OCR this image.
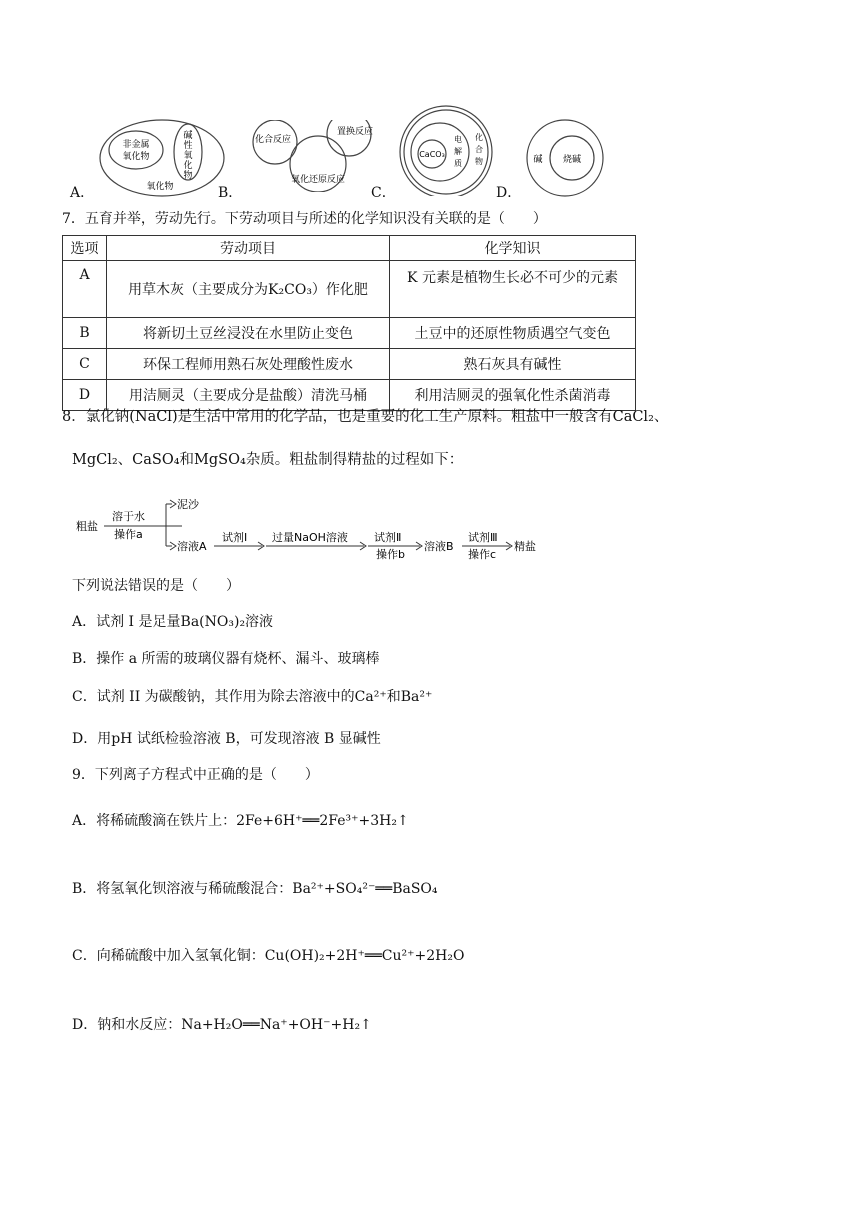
非金属
氧化物
碱
性
氧
化
物
氧化物
A．
化合反应
置换反应
氧化还原反应
B．
CaCO₃
电
解
质
化
合
物
C．
碱 烧碱
D．
7．五育并举，劳动先行。下劳动项目与所述的化学知识没有关联的是（　　）
选项	劳动项目	化学知识
A	用草木灰（主要成分为K₂CO₃）作化肥	K 元素是植物生长必不可少的元素
B	将新切土豆丝浸没在水里防止变色	土豆中的还原性物质遇空气变色
C	环保工程师用熟石灰处理酸性废水	熟石灰具有碱性
D	用洁厕灵（主要成分是盐酸）清洗马桶	利用洁厕灵的强氧化性杀菌消毒
8．氯化钠(NaCl)是生活中常用的化学品，也是重要的化工生产原料。粗盐中一般含有CaCl₂、
MgCl₂、CaSO₄和MgSO₄杂质。粗盐制得精盐的过程如下：
粗盐
溶于水
操作a
泥沙
溶液A
试剂Ⅰ 过量NaOH溶液 试剂Ⅱ
操作b
溶液B
试剂Ⅲ
操作c
精盐
下列说法错误的是（　　）
A．试剂 I 是足量Ba(NO₃)₂溶液
B．操作 a 所需的玻璃仪器有烧杯、漏斗、玻璃棒
C．试剂 II 为碳酸钠，其作用为除去溶液中的Ca²⁺和Ba²⁺
D．用pH 试纸检验溶液 B，可发现溶液 B 显碱性
9．下列离子方程式中正确的是（　　）
A．将稀硫酸滴在铁片上：2Fe+6H⁺══2Fe³⁺+3H₂↑
B．将氢氧化钡溶液与稀硫酸混合：Ba²⁺+SO₄²⁻══BaSO₄
C．向稀硫酸中加入氢氧化铜：Cu(OH)₂+2H⁺══Cu²⁺+2H₂O
D．钠和水反应：Na+H₂O══Na⁺+OH⁻+H₂↑
